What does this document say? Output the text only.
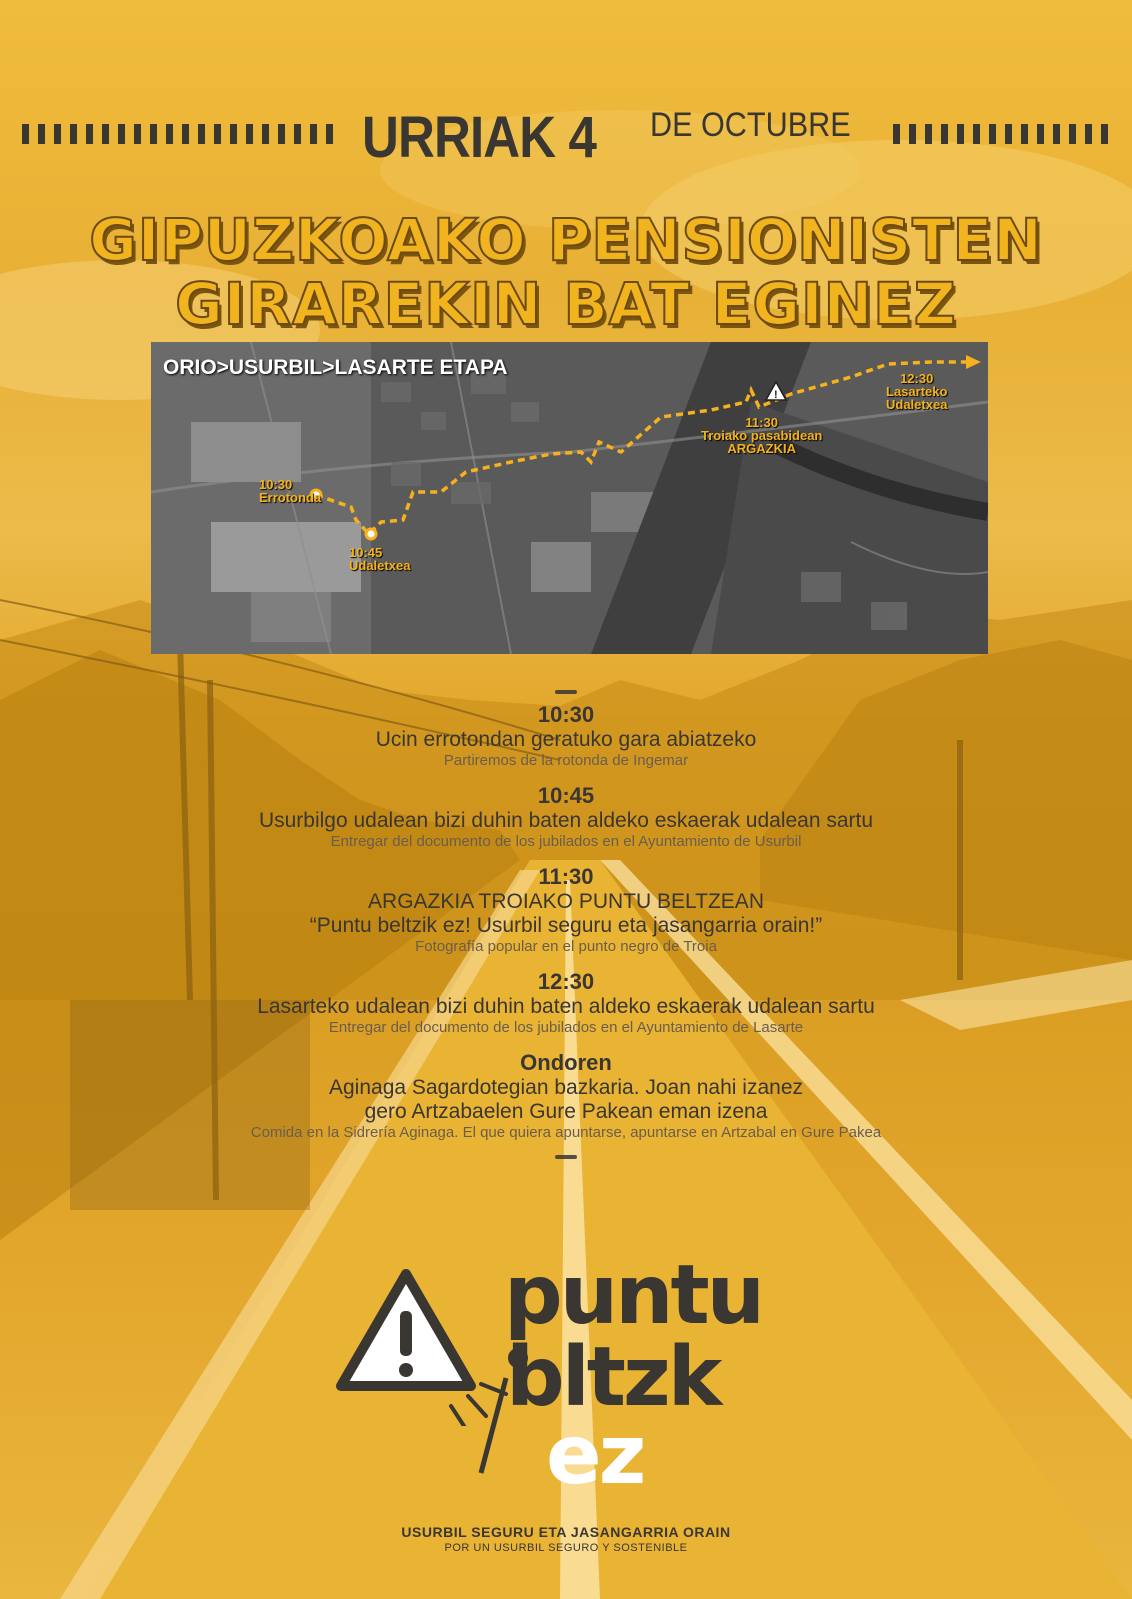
URRIAK 4 DE OCTUBRE
GIPUZKOAKO PENSIONISTEN
GIRAREKIN BAT EGINEZ
!
ORIO>USURBIL>LASARTE ETAPA
10:30
Errotonda
10:45
Udaletxea
11:30
Troiako pasabidean
ARGAZKIA
12:30
Lasarteko
Udaletxea
10:30
Ucin errotondan geratuko gara abiatzeko
Partiremos de la rotonda de Ingemar
10:45
Usurbilgo udalean bizi duhin baten aldeko eskaerak udalean sartu
Entregar del documento de los jubilados en el Ayuntamiento de Usurbil
11:30
ARGAZKIA TROIAKO PUNTU BELTZEAN
“Puntu beltzik ez! Usurbil seguru eta jasangarria orain!”
Fotografía popular en el punto negro de Troia
12:30
Lasarteko udalean bizi duhin baten aldeko eskaerak udalean sartu
Entregar del documento de los jubilados en el Ayuntamiento de Lasarte
Ondoren
Aginaga Sagardotegian bazkaria. Joan nahi izanez
gero Artzabaelen Gure Pakean eman izena
Comida en la Sidrería Aginaga. El que quiera apuntarse, apuntarse en Artzabal en Gure Pakea
puntu
bltzk
ez
USURBIL SEGURU ETA JASANGARRIA ORAIN
POR UN USURBIL SEGURO Y SOSTENIBLE
